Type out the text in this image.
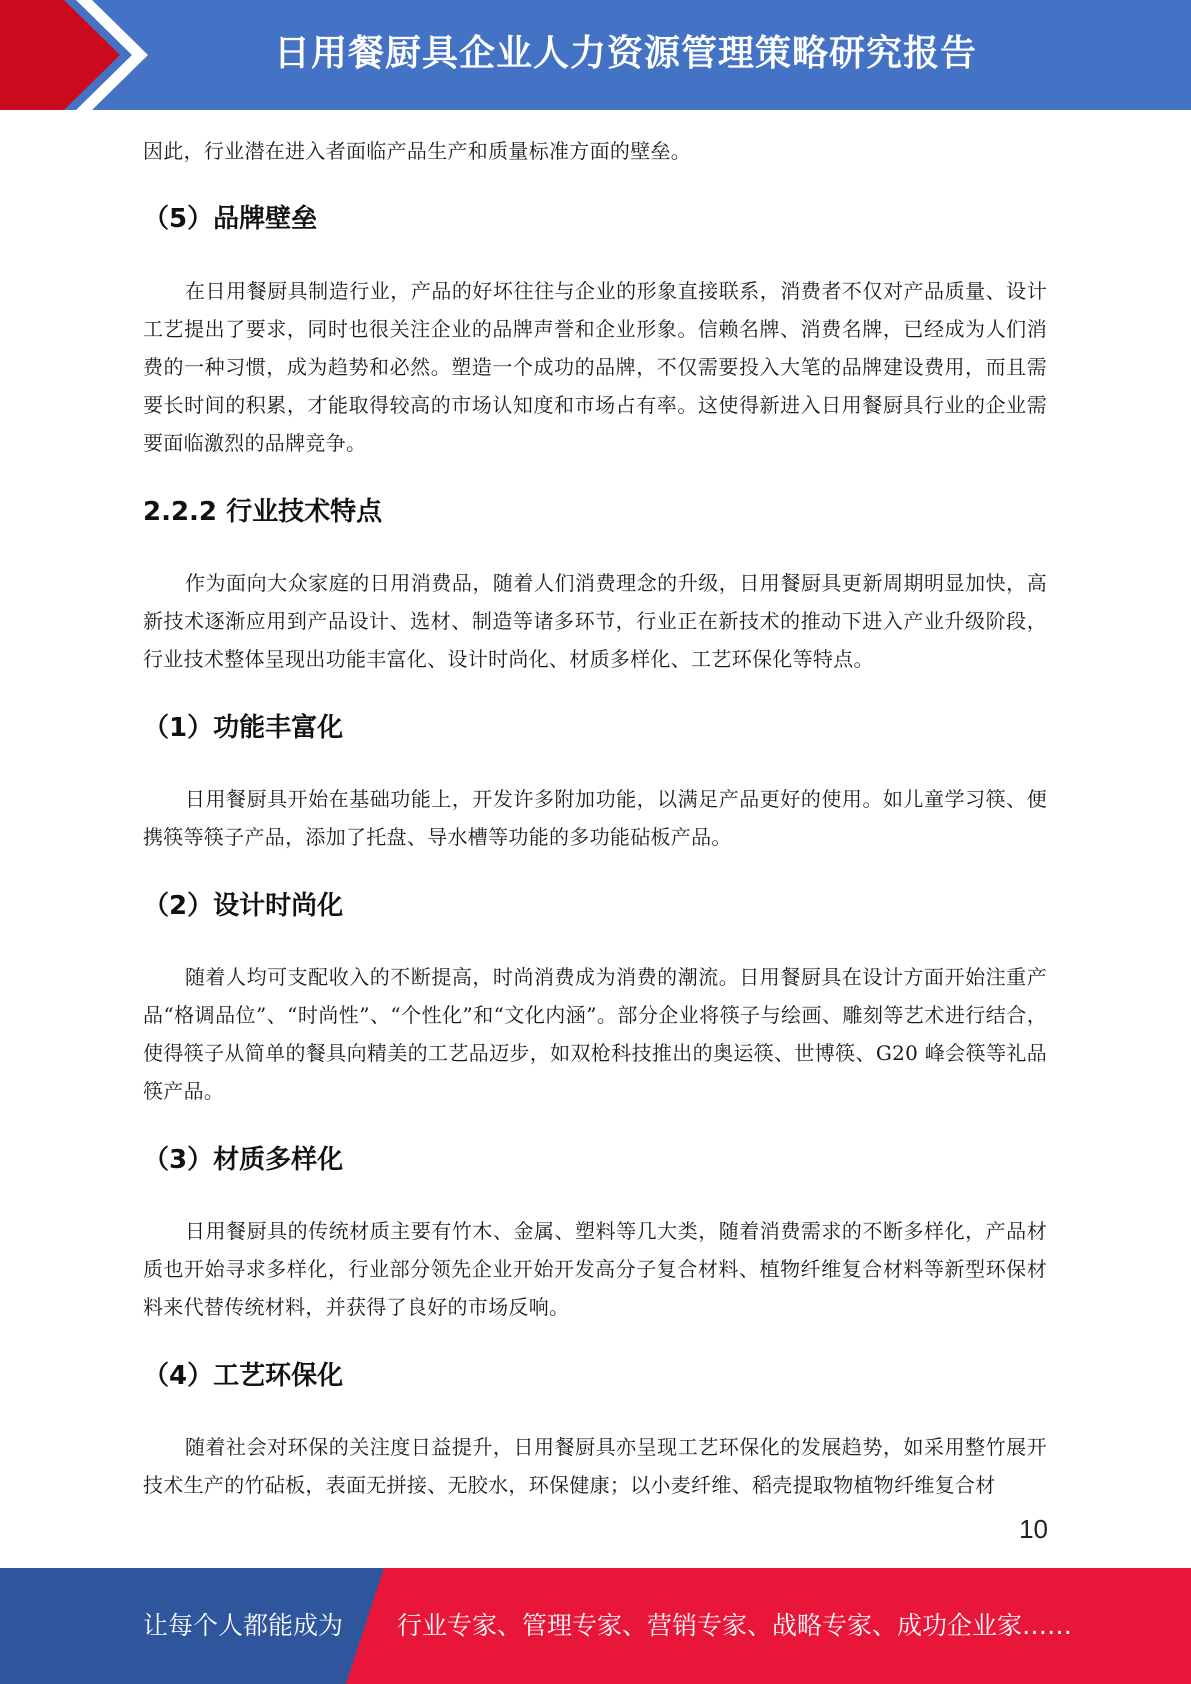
日用餐厨具企业人力资源管理策略研究报告

因此，行业潜在进入者面临产品生产和质量标准方面的壁垒。

（5）品牌壁垒

在日用餐厨具制造行业，产品的好坏往往与企业的形象直接联系，消费者不仅对产品质量、设计工艺提出了要求，同时也很关注企业的品牌声誉和企业形象。信赖名牌、消费名牌，已经成为人们消费的一种习惯，成为趋势和必然。塑造一个成功的品牌，不仅需要投入大笔的品牌建设费用，而且需要长时间的积累，才能取得较高的市场认知度和市场占有率。这使得新进入日用餐厨具行业的企业需要面临激烈的品牌竞争。

2.2.2 行业技术特点

作为面向大众家庭的日用消费品，随着人们消费理念的升级，日用餐厨具更新周期明显加快，高新技术逐渐应用到产品设计、选材、制造等诸多环节，行业正在新技术的推动下进入产业升级阶段，行业技术整体呈现出功能丰富化、设计时尚化、材质多样化、工艺环保化等特点。

（1）功能丰富化

日用餐厨具开始在基础功能上，开发许多附加功能，以满足产品更好的使用。如儿童学习筷、便携筷等筷子产品，添加了托盘、导水槽等功能的多功能砧板产品。

（2）设计时尚化

随着人均可支配收入的不断提高，时尚消费成为消费的潮流。日用餐厨具在设计方面开始注重产品“格调品位”、“时尚性”、“个性化”和“文化内涵”。部分企业将筷子与绘画、雕刻等艺术进行结合，使得筷子从简单的餐具向精美的工艺品迈步，如双枪科技推出的奥运筷、世博筷、G20 峰会筷等礼品筷产品。

（3）材质多样化

日用餐厨具的传统材质主要有竹木、金属、塑料等几大类，随着消费需求的不断多样化，产品材质也开始寻求多样化，行业部分领先企业开始开发高分子复合材料、植物纤维复合材料等新型环保材料来代替传统材料，并获得了良好的市场反响。

（4）工艺环保化

随着社会对环保的关注度日益提升，日用餐厨具亦呈现工艺环保化的发展趋势，如采用整竹展开技术生产的竹砧板，表面无拼接、无胶水，环保健康；以小麦纤维、稻壳提取物植物纤维复合材

10
让每个人都能成为 行业专家、管理专家、营销专家、战略专家、成功企业家……
